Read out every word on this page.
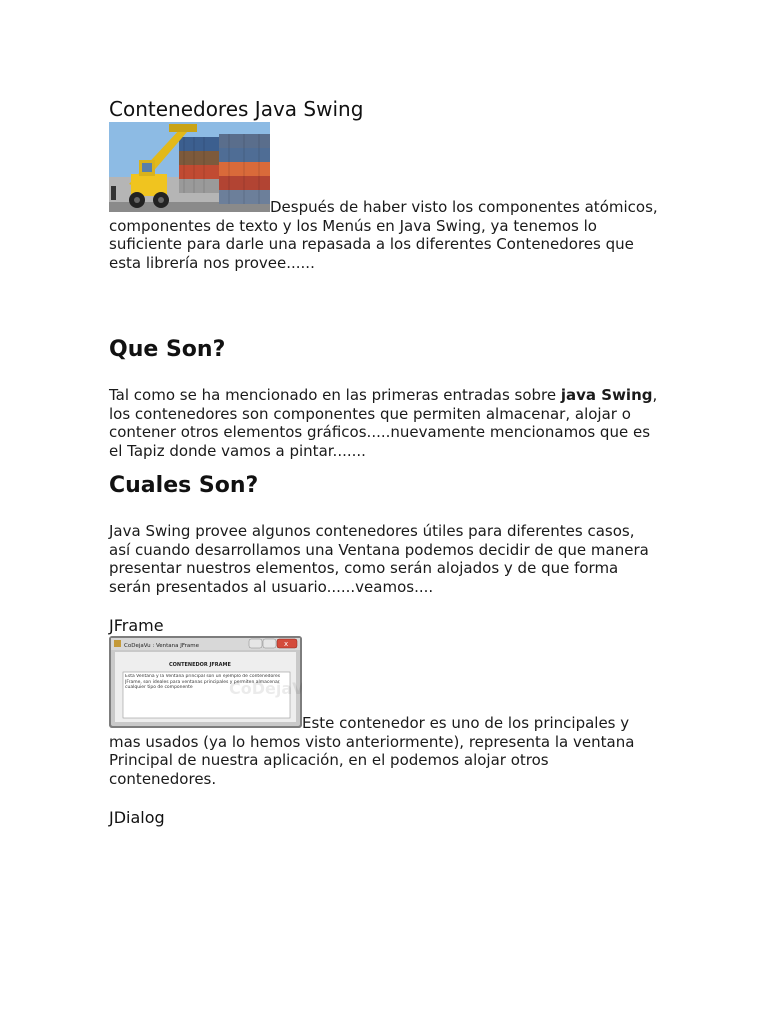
Contenedores Java Swing

Después de haber visto los componentes atómicos, componentes de texto y los Menús en Java Swing, ya tenemos lo suficiente para darle una repasada a los diferentes Contenedores que esta librería nos provee......

Que Son?

Tal como se ha mencionado en las primeras entradas sobre java Swing, los contenedores son componentes que permiten almacenar, alojar o contener otros elementos gráficos.....nuevamente mencionamos que es el Tapiz donde vamos a pintar.......

Cuales Son?

Java Swing provee algunos contenedores útiles para diferentes casos, así cuando desarrollamos una Ventana podemos decidir de que manera presentar nuestros elementos, como serán alojados y de que forma serán presentados al usuario......veamos....

JFrame

CoDejaVu : Ventana JFrame	x
CONTENEDOR JFRAME
Esta Ventana y la Ventana principal son un ejemplo de contenedores JFrame, son ideales para ventanas principales y permiten almacenar cualquier tipo de componente	CoDejaV
Este contenedor es uno de los principales y mas usados (ya lo hemos visto anteriormente), representa la ventana Principal de nuestra aplicación, en el podemos alojar otros contenedores.

JDialog
